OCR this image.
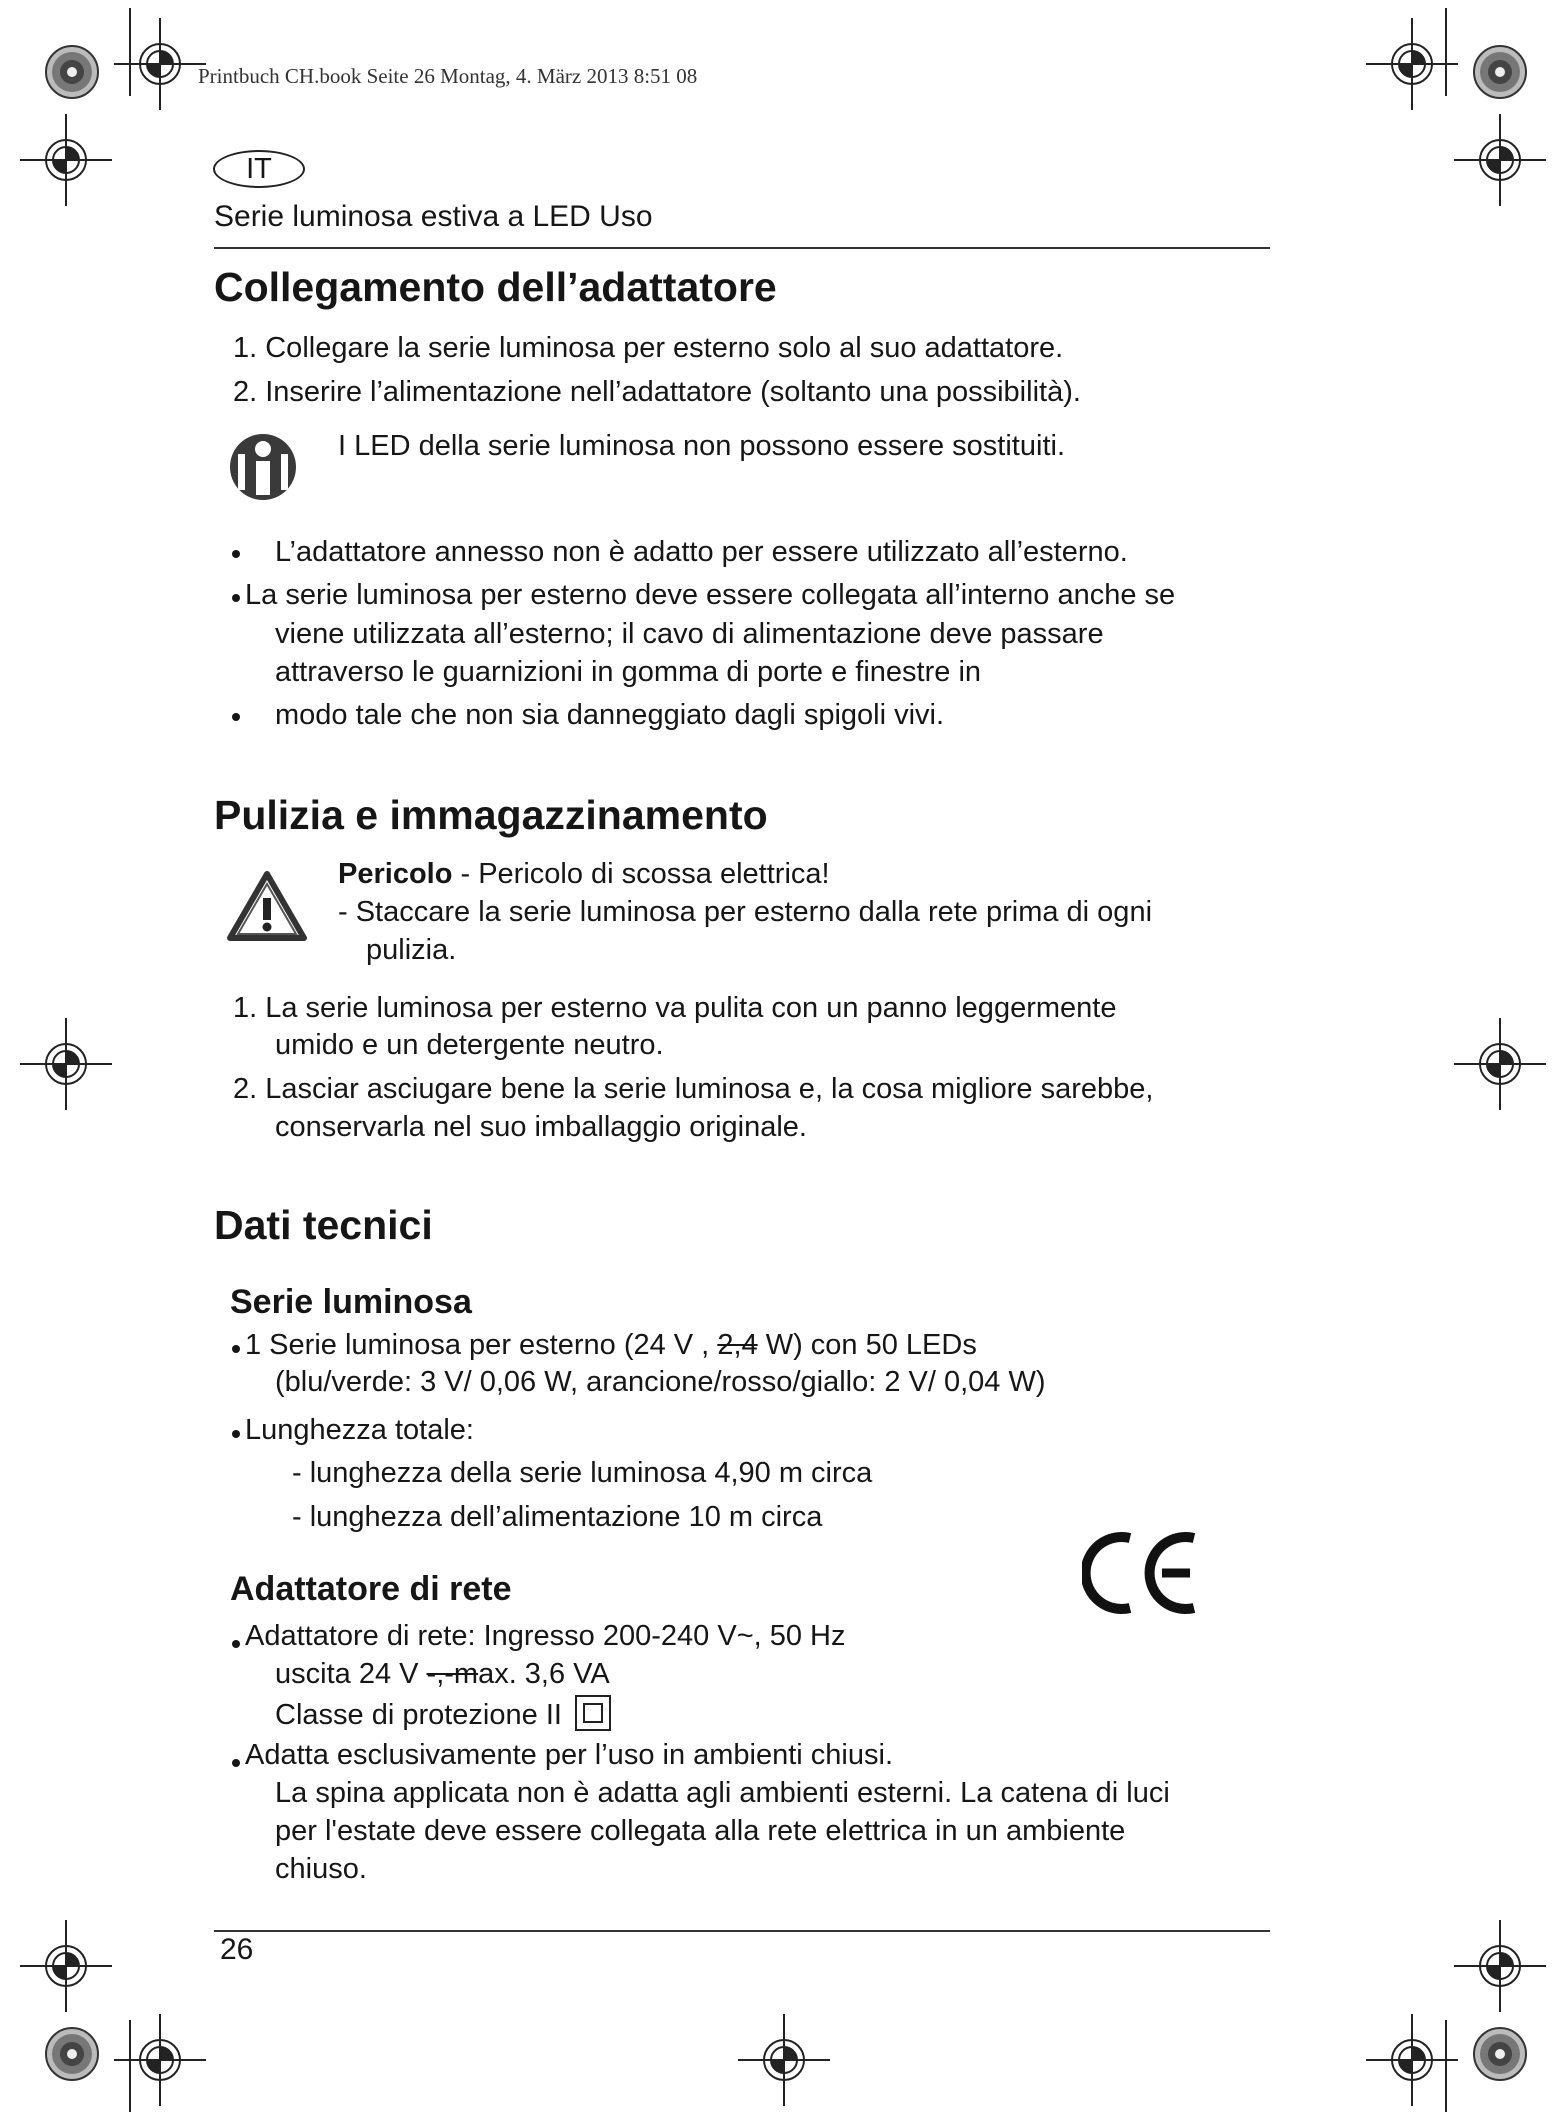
Printbuch CH.book Seite 26 Montag, 4. März 2013 8:51 08
IT
Serie luminosa estiva a LED Uso
Collegamento dell’adattatore
1. Collegare la serie luminosa per esterno solo al suo adattatore.
2. Inserire l’alimentazione nell’adattatore (soltanto una possibilità).
I LED della serie luminosa non possono essere sostituiti.
L’adattatore annesso non è adatto per essere utilizzato all’esterno.
La serie luminosa per esterno deve essere collegata all’interno anche se
viene utilizzata all’esterno; il cavo di alimentazione deve passare
attraverso le guarnizioni in gomma di porte e finestre in
modo tale che non sia danneggiato dagli spigoli vivi.
Pulizia e immagazzinamento
Pericolo - Pericolo di scossa elettrica!
- Staccare la serie luminosa per esterno dalla rete prima di ogni
pulizia.
1. La serie luminosa per esterno va pulita con un panno leggermente
umido e un detergente neutro.
2. Lasciar asciugare bene la serie luminosa e, la cosa migliore sarebbe,
conservarla nel suo imballaggio originale.
Dati tecnici
Serie luminosa
1 Serie luminosa per esterno (24 V , 2,4 W) con 50 LEDs
(blu/verde: 3 V/ 0,06 W, arancione/rosso/giallo: 2 V/ 0,04 W)
Lunghezza totale:
- lunghezza della serie luminosa 4,90 m circa
- lunghezza dell’alimentazione 10 m circa
Adattatore di rete
Adattatore di rete: Ingresso 200-240 V~, 50 Hz
uscita 24 V -,-max. 3,6 VA
Classe di protezione II
Adatta esclusivamente per l’uso in ambienti chiusi.
La spina applicata non è adatta agli ambienti esterni. La catena di luci
per l'estate deve essere collegata alla rete elettrica in un ambiente
chiuso.
26
